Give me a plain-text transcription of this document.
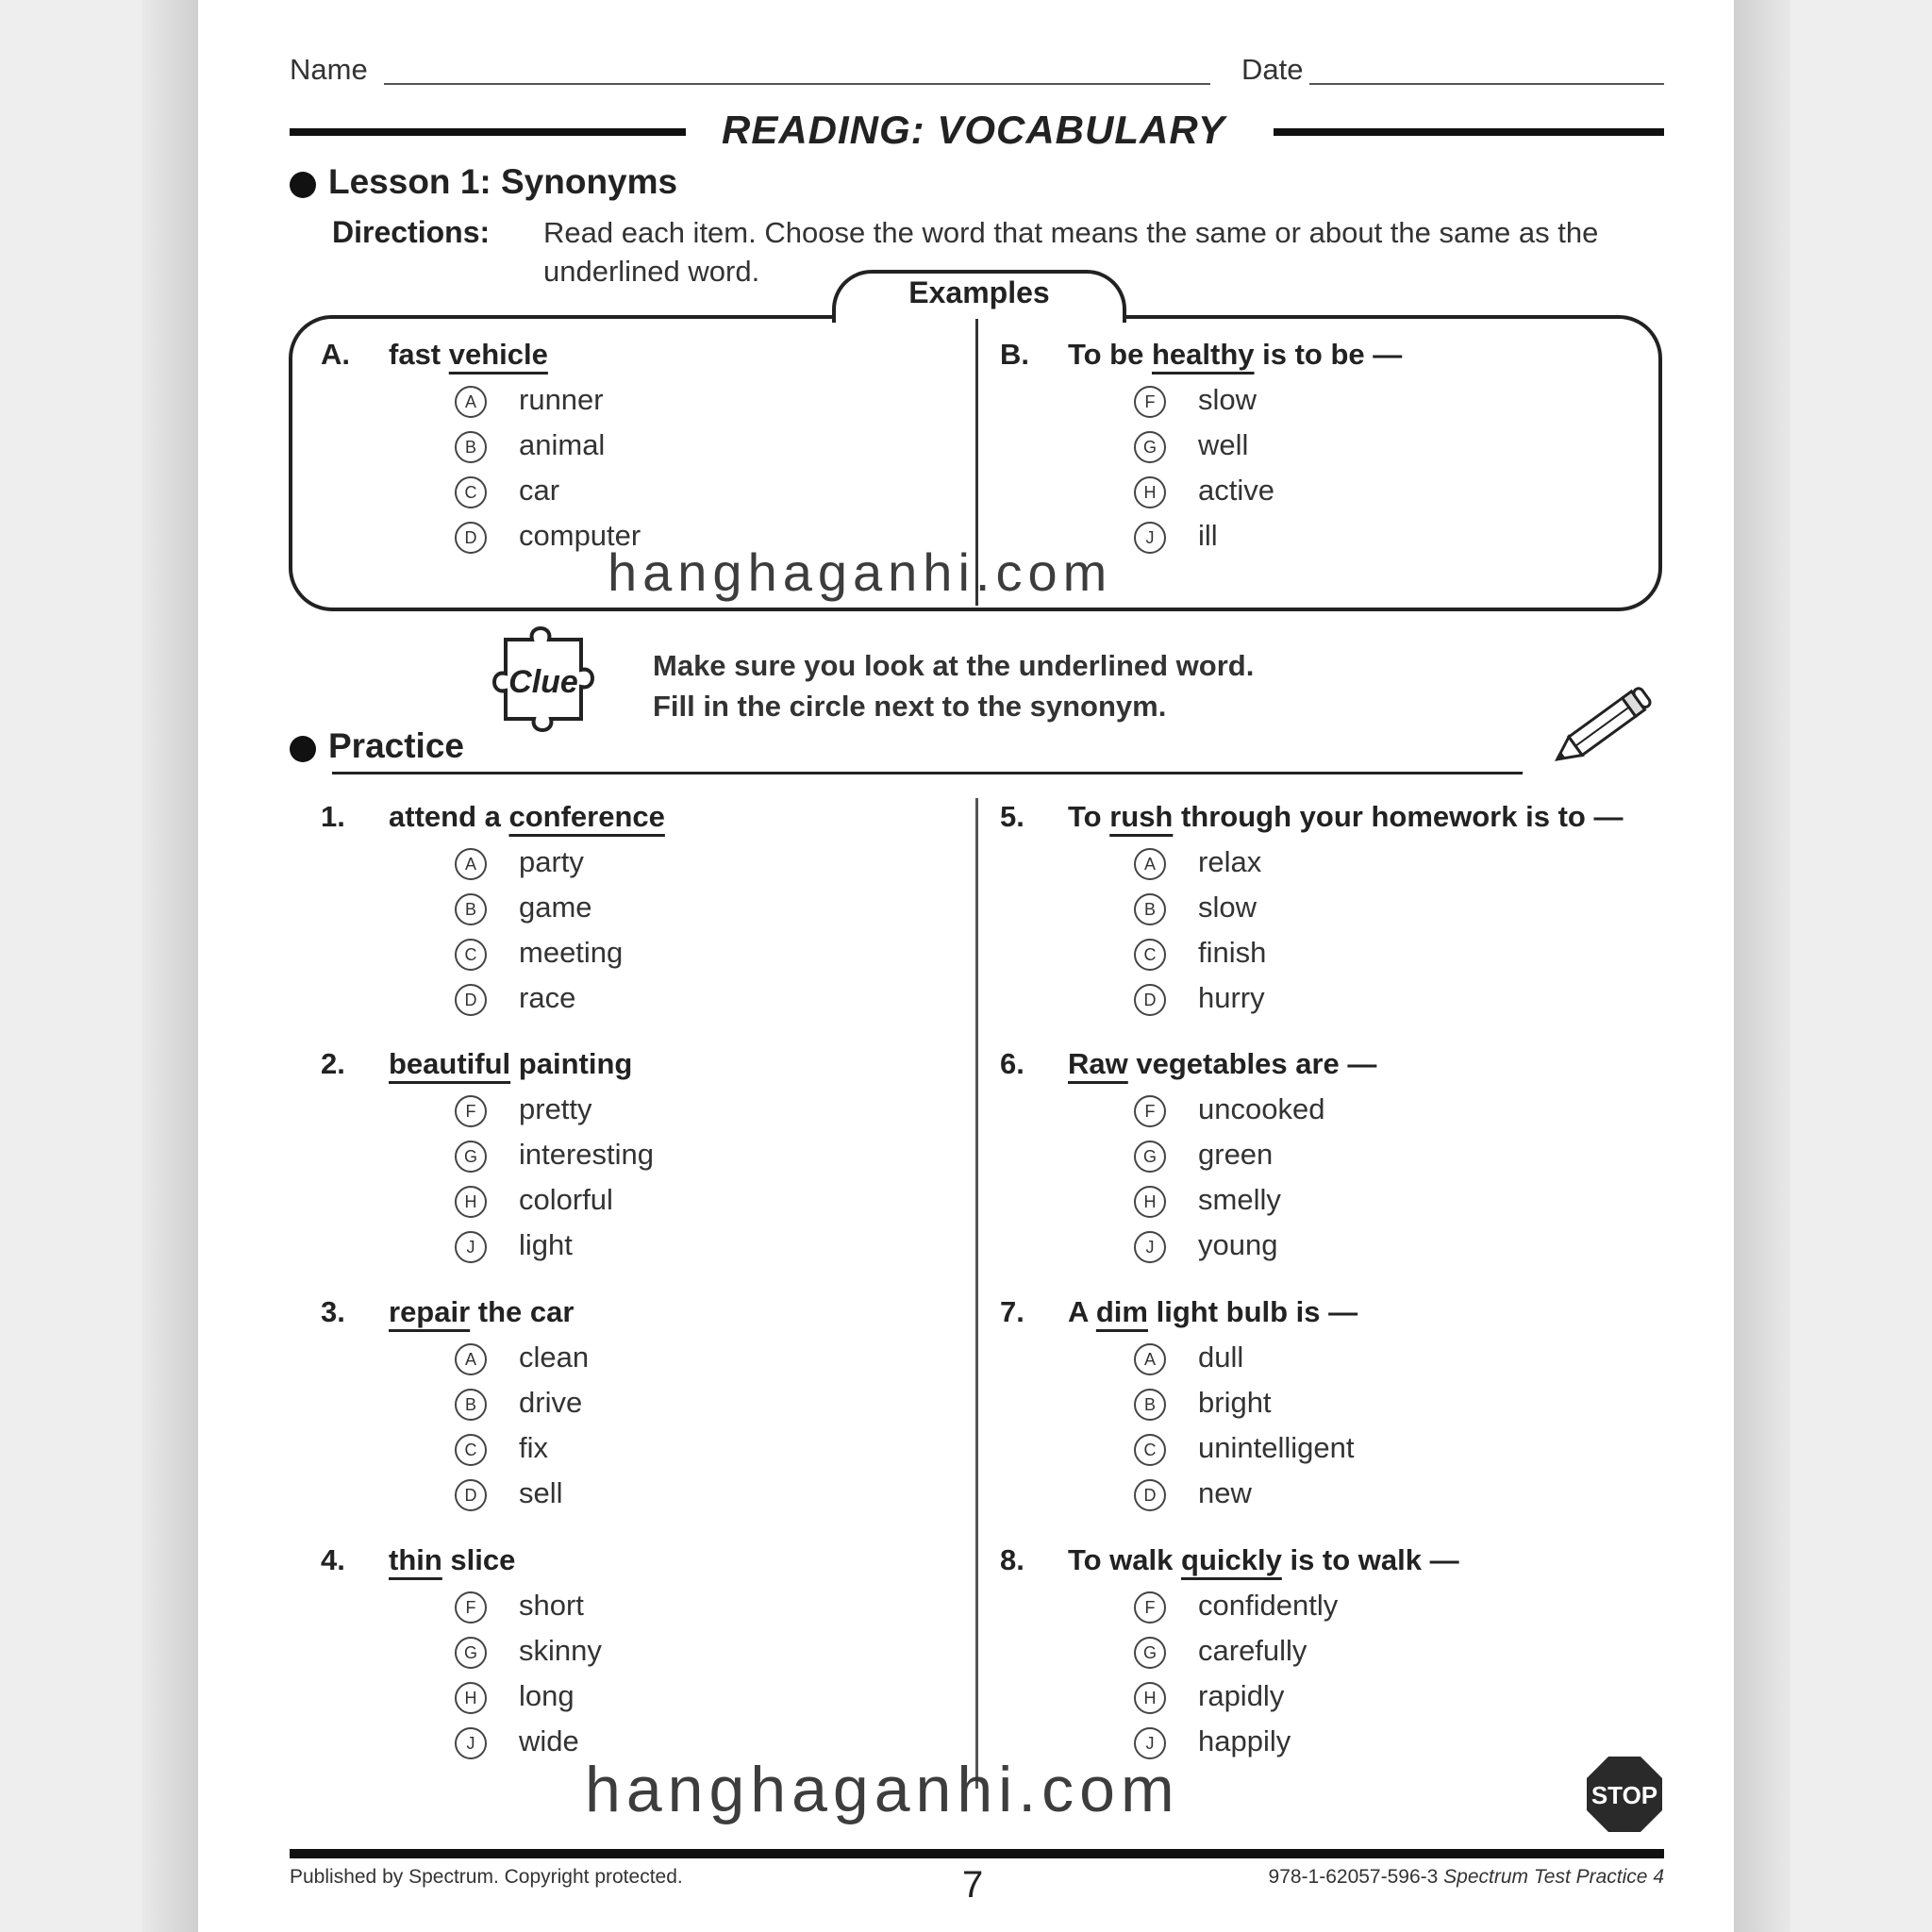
Name	Date
READING: VOCABULARY
Lesson 1: Synonyms
Directions: Read each item. Choose the word that means the same or about the same as the underlined word.
Examples
A. fast vehicle
A	runner
B	animal
C	car
D	computer
B. To be healthy is to be —
F	slow
G	well
H	active
J	ill
Clue	Make sure you look at the underlined word.
Fill in the circle next to the synonym.
Practice
1. attend a conference
A	party
B	game
C	meeting
D	race
2. beautiful painting
F	pretty
G	interesting
H	colorful
J	light
3. repair the car
A	clean
B	drive
C	fix
D	sell
4. thin slice
F	short
G	skinny
H	long
J	wide
5. To rush through your homework is to —
A	relax
B	slow
C	finish
D	hurry
6. Raw vegetables are —
F	uncooked
G	green
H	smelly
J	young
7. A dim light bulb is —
A	dull
B	bright
C	unintelligent
D	new
8. To walk quickly is to walk —
F	confidently
G	carefully
H	rapidly
J	happily
STOP
Published by Spectrum. Copyright protected.	7	978-1-62057-596-3 Spectrum Test Practice 4
hanghaganhi.com
hanghaganhi.com
